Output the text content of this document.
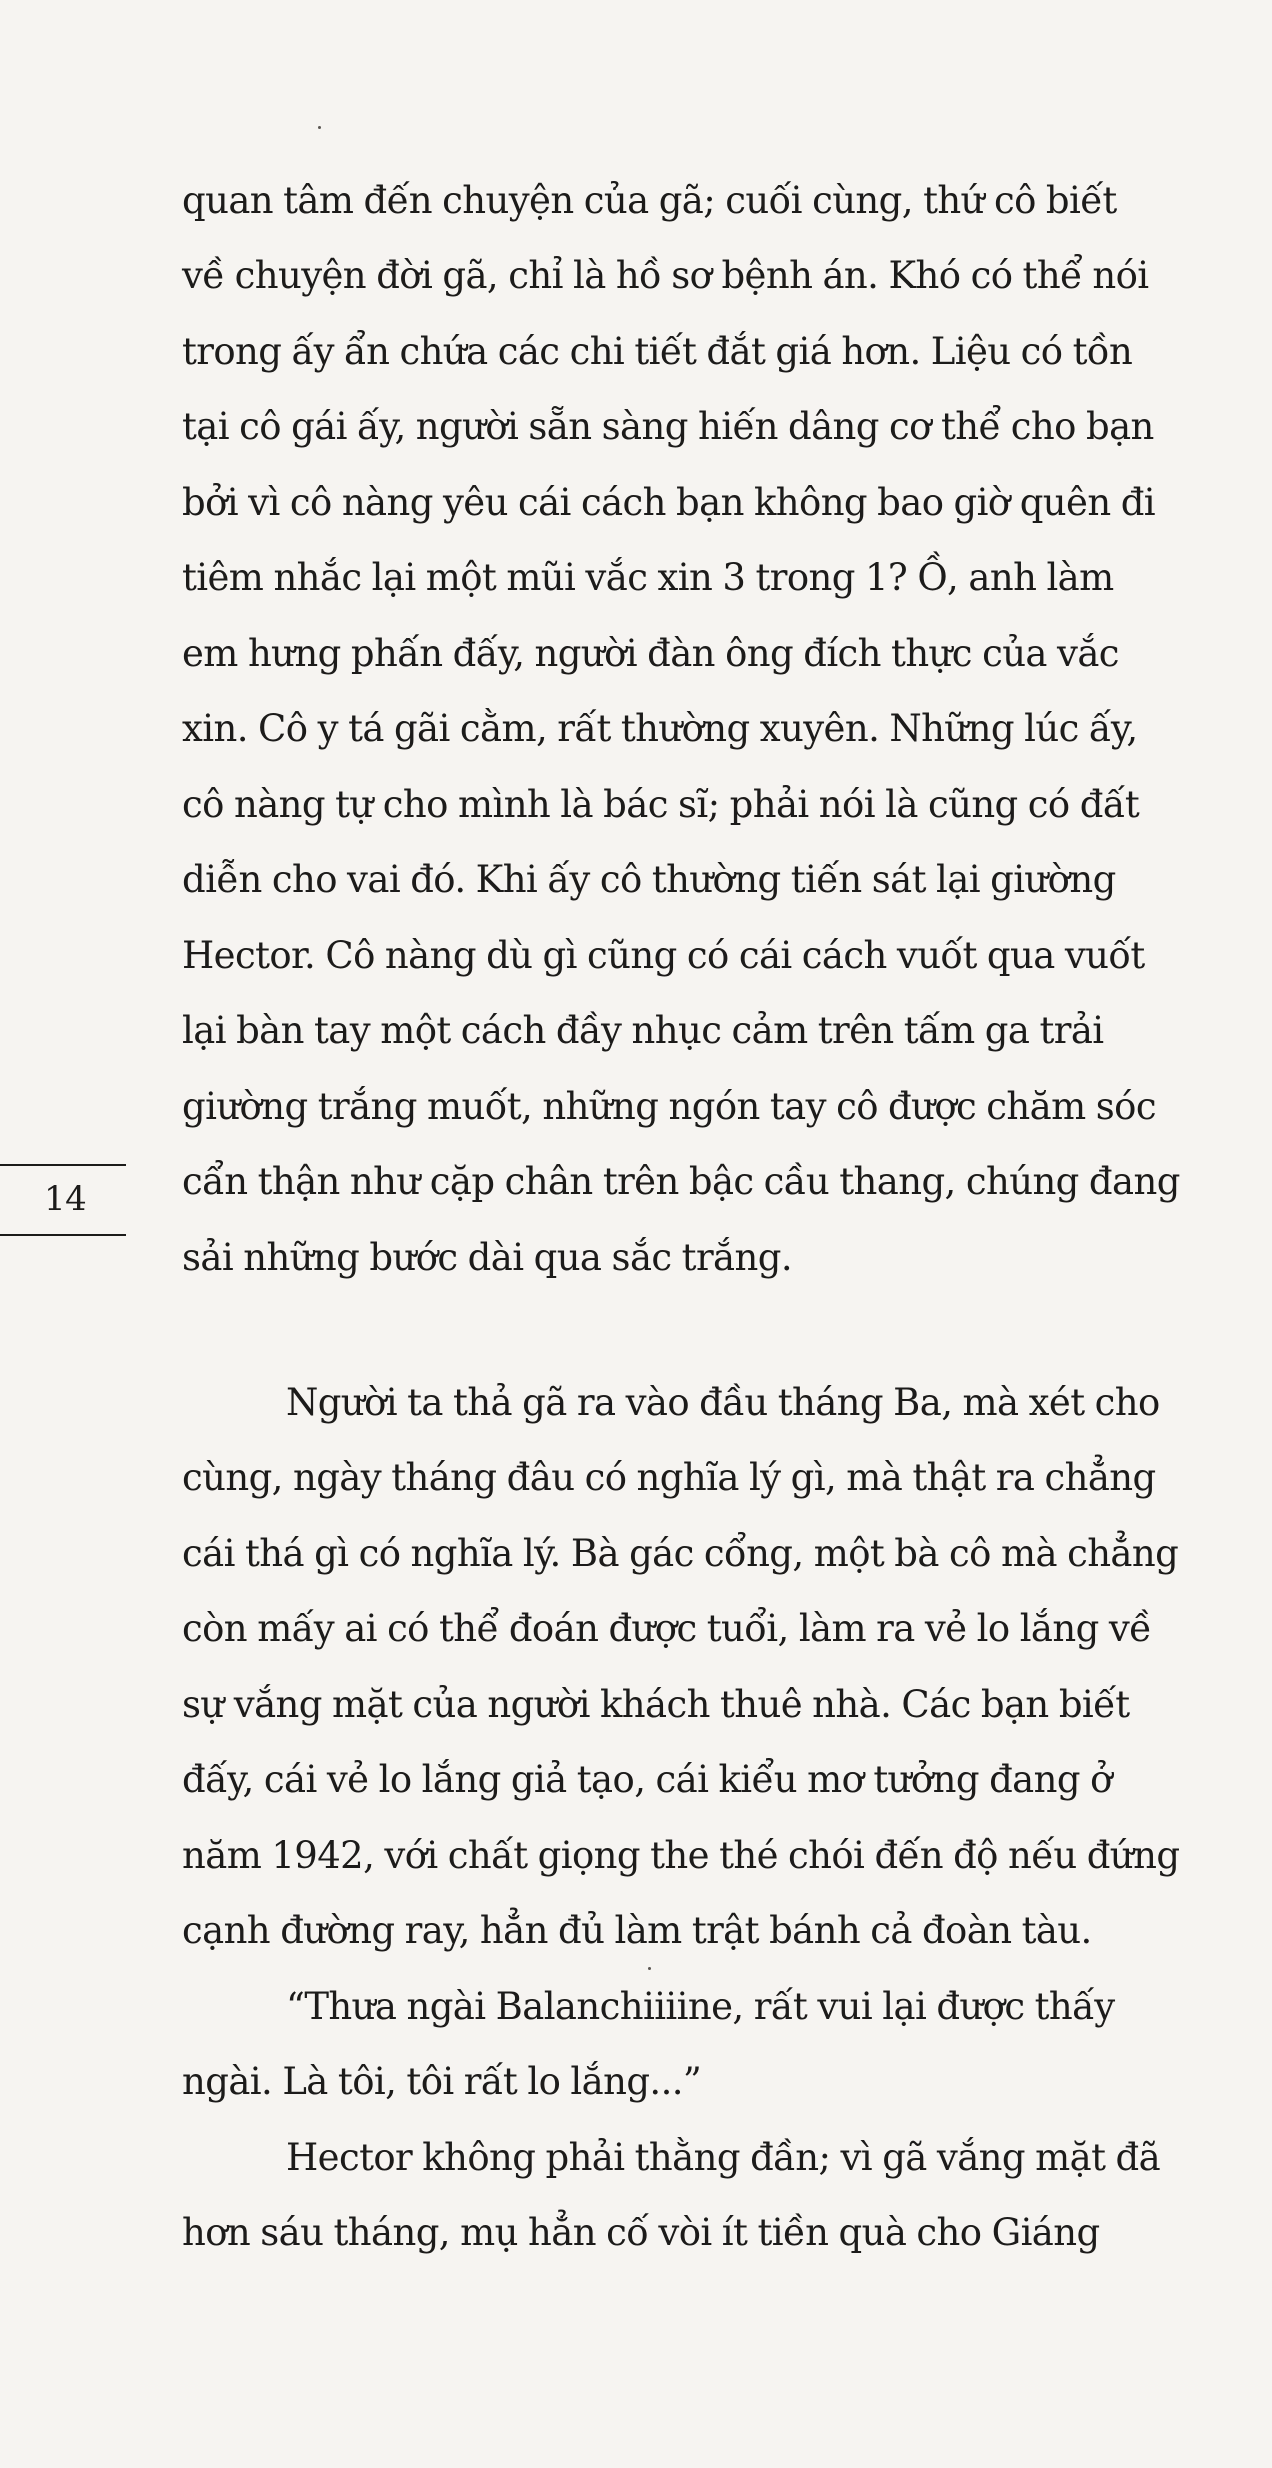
14
quan tâm đến chuyện của gã; cuối cùng, thứ cô biết
về chuyện đời gã, chỉ là hồ sơ bệnh án. Khó có thể nói
trong ấy ẩn chứa các chi tiết đắt giá hơn. Liệu có tồn
tại cô gái ấy, người sẵn sàng hiến dâng cơ thể cho bạn
bởi vì cô nàng yêu cái cách bạn không bao giờ quên đi
tiêm nhắc lại một mũi vắc xin 3 trong 1? Ồ, anh làm
em hưng phấn đấy, người đàn ông đích thực của vắc
xin. Cô y tá gãi cằm, rất thường xuyên. Những lúc ấy,
cô nàng tự cho mình là bác sĩ; phải nói là cũng có đất
diễn cho vai đó. Khi ấy cô thường tiến sát lại giường
Hector. Cô nàng dù gì cũng có cái cách vuốt qua vuốt
lại bàn tay một cách đầy nhục cảm trên tấm ga trải
giường trắng muốt, những ngón tay cô được chăm sóc
cẩn thận như cặp chân trên bậc cầu thang, chúng đang
sải những bước dài qua sắc trắng.
Người ta thả gã ra vào đầu tháng Ba, mà xét cho
cùng, ngày tháng đâu có nghĩa lý gì, mà thật ra chẳng
cái thá gì có nghĩa lý. Bà gác cổng, một bà cô mà chẳng
còn mấy ai có thể đoán được tuổi, làm ra vẻ lo lắng về
sự vắng mặt của người khách thuê nhà. Các bạn biết
đấy, cái vẻ lo lắng giả tạo, cái kiểu mơ tưởng đang ở
năm 1942, với chất giọng the thé chói đến độ nếu đứng
cạnh đường ray, hẳn đủ làm trật bánh cả đoàn tàu.
“Thưa ngài Balanchiiiine, rất vui lại được thấy
ngài. Là tôi, tôi rất lo lắng...”
Hector không phải thằng đần; vì gã vắng mặt đã
hơn sáu tháng, mụ hẳn cố vòi ít tiền quà cho Giáng
